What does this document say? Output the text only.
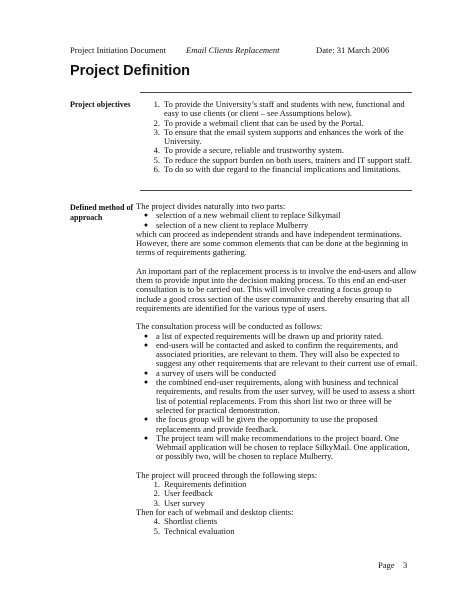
Project Initiation Document Email Clients Replacement	Date: 31 March 2006
Project Definition
Project objectives	1. To provide the University’s staff and students with new, functional and easy to use clients (or client – see Assumptions below).
2. To provide a webmail client that can be used by the Portal.
3. To ensure that the email system supports and enhances the work of the University.
4. To provide a secure, reliable and trustworthy system.
5. To reduce the support burden on both users, trainers and IT support staff.
6. To do so with due regard to the financial implications and limitations.
Defined method of approach

The project divides naturally into two parts:

● selection of a new webmail client to replace Silkymail
● selection of a new client to replace Mulberry

which can proceed as independent strands and have independent terminations. However, there are some common elements that can be done at the beginning in terms of requirements gathering.

An important part of the replacement process is to involve the end-users and allow them to provide input into the decision making process. To this end an end-user consultation is to be carried out. This will involve creating a focus group to include a good cross section of the user community and thereby ensuring that all requirements are identified for the various type of users.

The consultation process will be conducted as follows:

● a list of expected requirements will be drawn up and priority rated.
● end-users will be contacted and asked to confirm the requirements, and associated priorities, are relevant to them. They will also be expected to suggest any other requirements that are relevant to their current use of email.
● a survey of users will be conducted
● the combined end-user requirements, along with business and technical requirements, and results from the user survey, will be used to assess a short list of potential replacements. From this short list two or three will be selected for practical demonstration.
● the focus group will be given the opportunity to use the proposed replacements and provide feedback.
● The project team will make recommendations to the project board. One Webmail application will be chosen to replace SilkyMail. One application, or possibly two, will be chosen to replace Mulberry.

The project will proceed through the following steps:

1. Requirements definition
2. User feedback
3. User survey

Then for each of webmail and desktop clients:

4. Shortlist clients
5. Technical evaluation
Page 3
